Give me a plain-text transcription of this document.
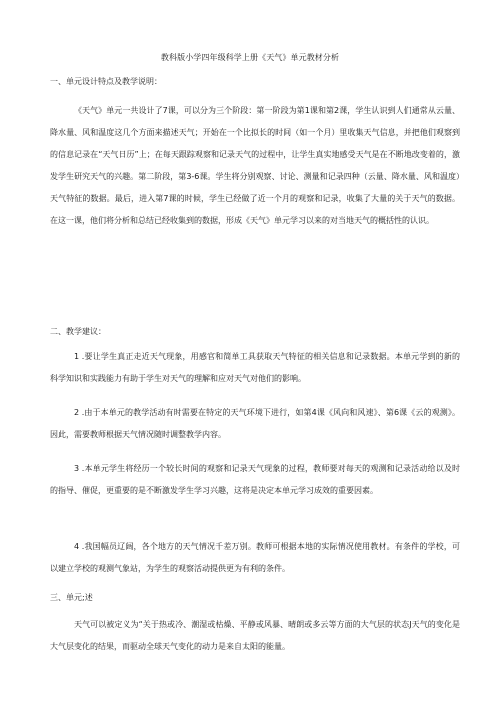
教科版小学四年级科学上册《天气》单元教材分析
一、单元设计特点及教学说明：

《天气》单元一共设计了7课，可以分为三个阶段：第一阶段为第1课和第2课，学生认识到人们通常从云量、降水量、风和温度这几个方面来描述天气；开始在一个比拟长的时间（如一个月）里收集天气信息，并把他们观察到的信息记录在“天气日历”上；在每天跟踪观察和记录天气的过程中，让学生真实地感受天气是在不断地改变着的，激发学生研究天气的兴趣。第二阶段，第3-6课。学生将分别观察、讨论、测量和记录四种（云量、降水量、风和温度）天气特征的数据。最后，进入第7课的时候，学生已经做了近一个月的观察和记录，收集了大量的关于天气的数据。在这一课，他们将分析和总结已经收集到的数据，形成《天气》单元学习以来的对当地天气的概括性的认识。

二、教学建议：

1 .要让学生真正走近天气现象，用感官和简单工具获取天气特征的相关信息和记录数据。本单元学到的新的科学知识和实践能力有助于学生对天气的理解和应对天气对他们的影响。

2 .由于本单元的教学活动有时需要在特定的天气环境下进行，如第4课《风向和风速》、第6课《云的观测》。因此，需要教师根据天气情况随时调整教学内容。

3 .本单元学生将经历一个较长时间的观察和记录天气现象的过程，教师要对每天的观测和记录活动给以及时的指导、催促，更重要的是不断激发学生学习兴趣，这将是决定本单元学习成效的重要因素。

4 .我国幅员辽阔，各个地方的天气情况千差万别。教师可根据本地的实际情况使用教材。有条件的学校，可以建立学校的观测气象站，为学生的观察活动提供更为有利的条件。

三、单元;述

天气可以被定义为“关于热或冷、潮湿或枯燥、平静或风暴、晴朗或多云等方面的大气层的状态J天气的变化是大气层变化的结果，而驱动全球天气变化的动力是来自太阳的能量。
